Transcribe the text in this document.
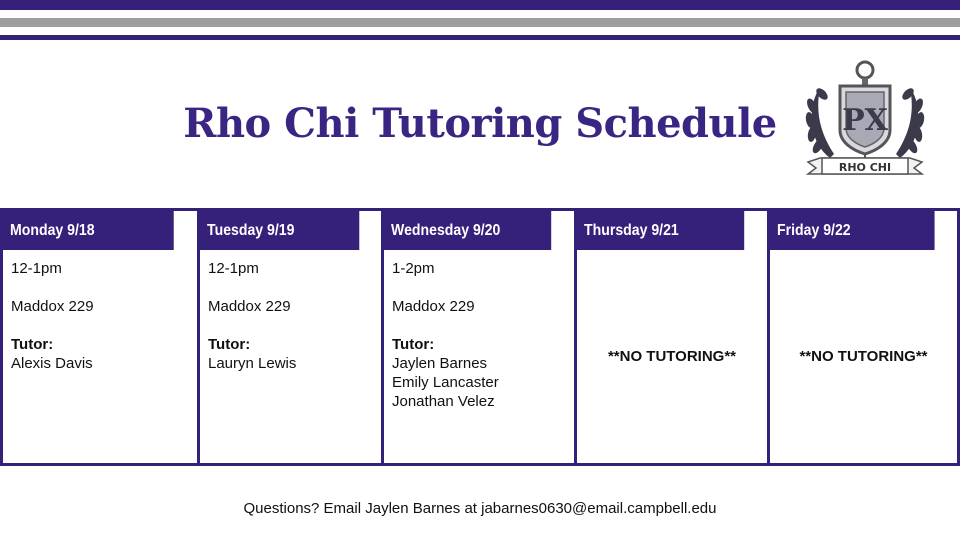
Rho Chi Tutoring Schedule	PX
RHO CHI
Monday 9/18
12-1pm
Maddox 229
Tutor:
Alexis Davis
Tuesday 9/19
12-1pm
Maddox 229
Tutor:
Lauryn Lewis
Wednesday 9/20
1-2pm
Maddox 229
Tutor:
Jaylen Barnes
Emily Lancaster
Jonathan Velez
Thursday 9/21
**NO TUTORING**
Friday 9/22
**NO TUTORING**
Questions? Email Jaylen Barnes at jabarnes0630@email.campbell.edu
